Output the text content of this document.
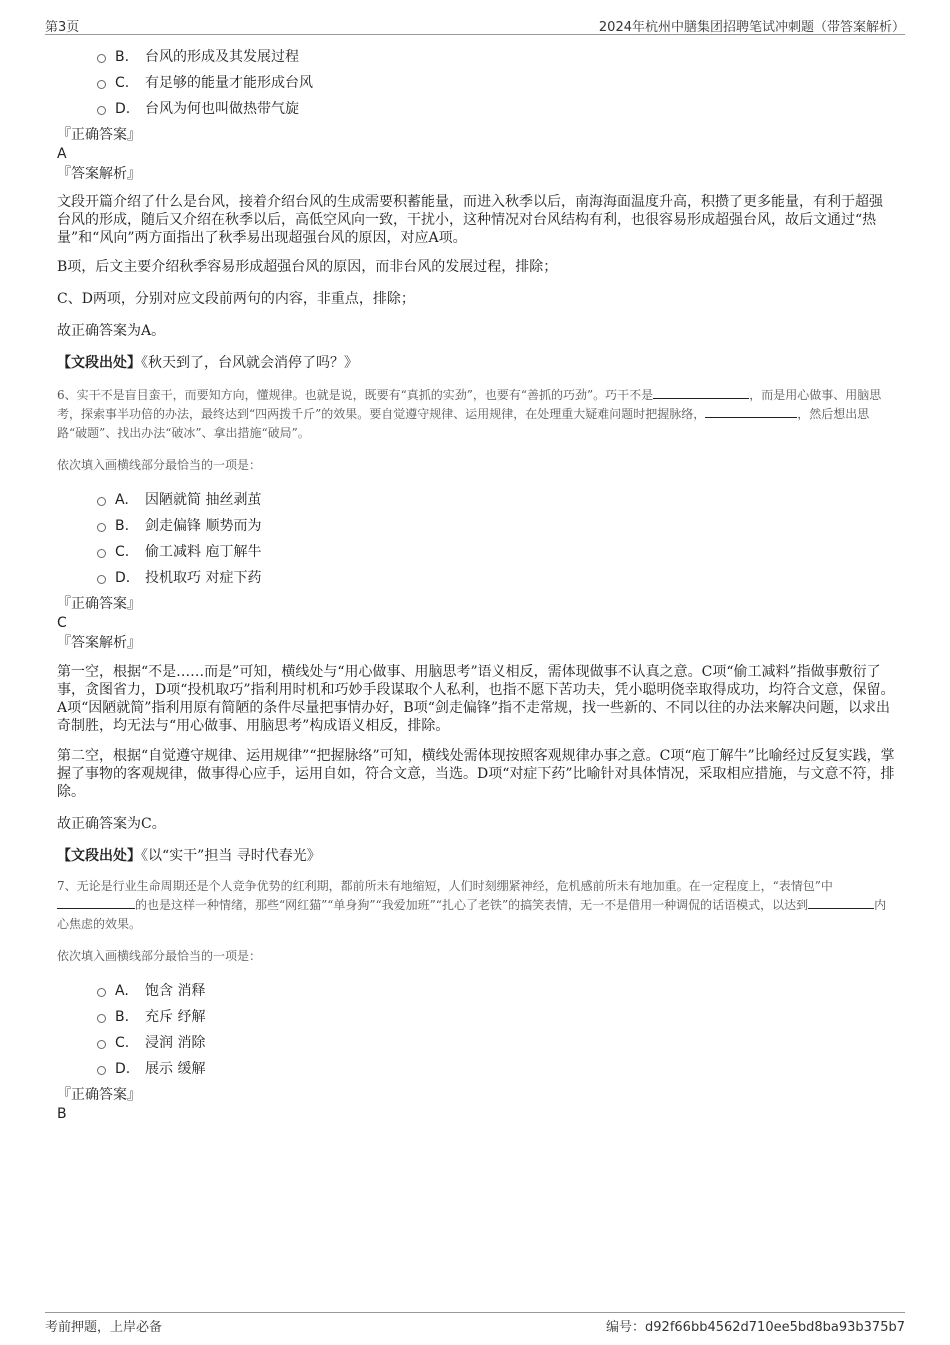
第3页	2024年杭州中膳集团招聘笔试冲刺题（带答案解析）
B. 台风的形成及其发展过程
C. 有足够的能量才能形成台风
D. 台风为何也叫做热带气旋
『正确答案』
A
『答案解析』

文段开篇介绍了什么是台风，接着介绍台风的生成需要积蓄能量，而进入秋季以后，南海海面温度升高，积攒了更多能量，有利于超强台风的形成，随后又介绍在秋季以后，高低空风向一致，干扰小，这种情况对台风结构有利，也很容易形成超强台风，故后文通过“热量”和“风向”两方面指出了秋季易出现超强台风的原因，对应A项。

B项，后文主要介绍秋季容易形成超强台风的原因，而非台风的发展过程，排除；

C、D两项，分别对应文段前两句的内容，非重点，排除；

故正确答案为A。

【文段出处】《秋天到了，台风就会消停了吗？》

6、实干不是盲目蛮干，而要知方向，懂规律。也就是说，既要有“真抓的实劲”，也要有“善抓的巧劲”。巧干不是	，而是用心做事、用脑思考，探索事半功倍的办法，最终达到“四两拨千斤”的效果。要自觉遵守规律、运用规律，在处理重大疑难问题时把握脉络，	，然后想出思路“破题”、找出办法“破冰”、拿出措施“破局”。

依次填入画横线部分最恰当的一项是：

A. 因陋就简 抽丝剥茧
B. 剑走偏锋 顺势而为
C. 偷工减料 庖丁解牛
D. 投机取巧 对症下药
『正确答案』
C
『答案解析』

第一空，根据“不是……而是”可知，横线处与“用心做事、用脑思考”语义相反，需体现做事不认真之意。C项“偷工减料”指做事敷衍了事，贪图省力，D项“投机取巧”指利用时机和巧妙手段谋取个人私利，也指不愿下苦功夫，凭小聪明侥幸取得成功，均符合文意，保留。A项“因陋就简”指利用原有简陋的条件尽量把事情办好，B项“剑走偏锋”指不走常规，找一些新的、不同以往的办法来解决问题，以求出奇制胜，均无法与“用心做事、用脑思考”构成语义相反，排除。

第二空，根据“自觉遵守规律、运用规律”“把握脉络”可知，横线处需体现按照客观规律办事之意。C项“庖丁解牛”比喻经过反复实践，掌握了事物的客观规律，做事得心应手，运用自如，符合文意，当选。D项“对症下药”比喻针对具体情况，采取相应措施，与文意不符，排除。

故正确答案为C。

【文段出处】《以“实干”担当 寻时代春光》

7、无论是行业生命周期还是个人竞争优势的红利期，都前所未有地缩短，人们时刻绷紧神经，危机感前所未有地加重。在一定程度上，“表情包”中的也是这样一种情绪，那些“网红猫”“单身狗”“我爱加班”“扎心了老铁”的搞笑表情，无一不是借用一种调侃的话语模式，以达到	内心焦虑的效果。

依次填入画横线部分最恰当的一项是：

A. 饱含 消释
B. 充斥 纾解
C. 浸润 消除
D. 展示 缓解
『正确答案』
B
考前押题，上岸必备	编号：d92f66bb4562d710ee5bd8ba93b375b7
